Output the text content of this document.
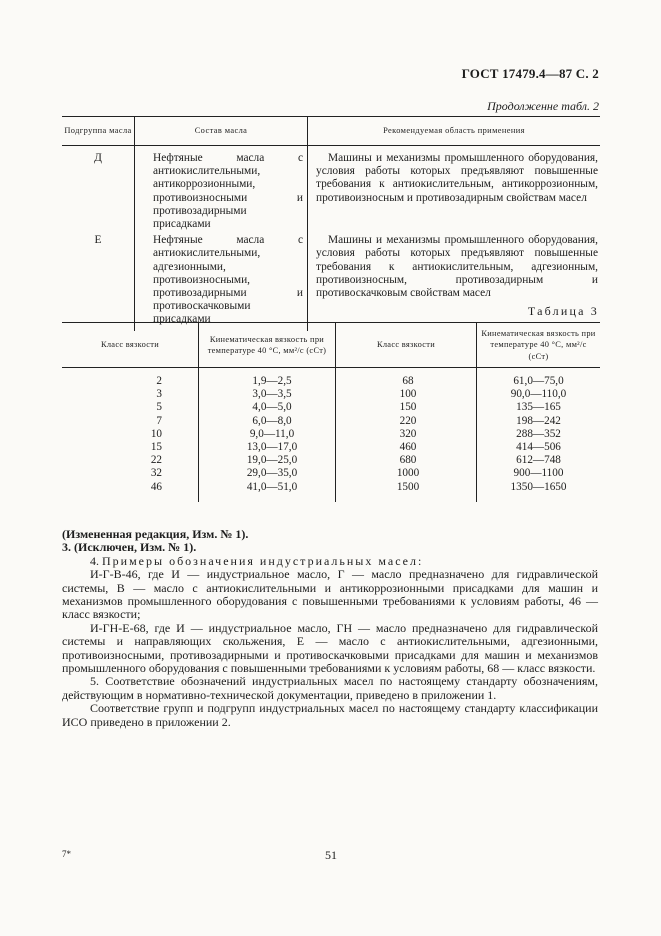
ГОСТ 17479.4—87 С. 2
Продолженне табл. 2
Подгруппа масла	Состав масла	Рекомендуемая область применения
Д	Нефтяные масла с антиокислительными, антикоррозионными, противоизносными и противозадирными присадками	Машины и механизмы промышленного оборудования, условия работы которых предъявляют повышенные требования к антиокислительным, антикоррозионным, противоизносным и противозадирным свойствам масел

Е	Нефтяные масла с антиокислительными, адгезионными, противоизносными, противозадирными и противоскачковыми присадками	Машины и механизмы промышленного оборудования, условия работы которых предъявляют повышенные требования к антиокислительным, адгезионным, противоизносным, противозадирным и противоскачковым свойствам масел
Таблица 3
Класс вязкости	Кинематическая вязкость при температуре 40 °С, мм²/с (сСт)	Класс вязкости	Кинематическая вязкость при температуре 40 °С, мм²/с (сСт)
2	1,9—2,5	68	61,0—75,0
3	3,0—3,5	100	90,0—110,0
5	4,0—5,0	150	135—165
7	6,0—8,0	220	198—242
10	9,0—11,0	320	288—352
15	13,0—17,0	460	414—506
22	19,0—25,0	680	612—748
32	29,0—35,0	1000	900—1100
46	41,0—51,0	1500	1350—1650

(Измененная редакция, Изм. № 1).

3. (Исключен, Изм. № 1).

4. Примеры обозначения индустриальных масел:

И-Г-В-46, где И — индустриальное масло, Г — масло предназначено для гидравлической системы, В — масло с антиокислительными и антикоррозионными присадками для машин и механизмов промышленного оборудования с повышенными требованиями к условиям работы, 46 — класс вязкости;

И-ГН-Е-68, где И — индустриальное масло, ГН — масло предназначено для гидравлической системы и направляющих скольжения, Е — масло с антиокислительными, адгезионными, противоизносными, противозадирными и противоскачковыми присадками для машин и механизмов промышленного оборудования с повышенными требованиями к условиям работы, 68 — класс вязкости.

5. Соответствие обозначений индустриальных масел по настоящему стандарту обозначениям, действующим в нормативно-технической документации, приведено в приложении 1.

Соответствие групп и подгрупп индустриальных масел по настоящему стандарту классификации ИСО приведено в приложении 2.

7*	51
